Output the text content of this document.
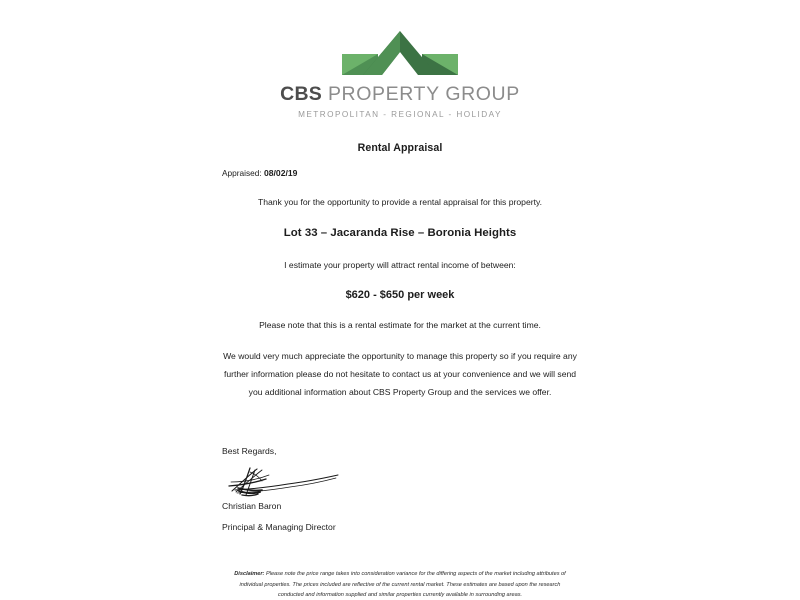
CBS PROPERTY GROUP
METROPOLITAN - REGIONAL - HOLIDAY
Rental Appraisal
Appraised: 08/02/19
Thank you for the opportunity to provide a rental appraisal for this property.
Lot 33 – Jacaranda Rise – Boronia Heights
I estimate your property will attract rental income of between:
$620 - $650 per week
Please note that this is a rental estimate for the market at the current time.
We would very much appreciate the opportunity to manage this property so if you require any further information please do not hesitate to contact us at your convenience and we will send you additional information about CBS Property Group and the services we offer.
Best Regards,
Christian Baron
Principal & Managing Director
Disclaimer: Please note the price range takes into consideration variance for the differing aspects of the market including attributes of individual properties. The prices included are reflective of the current rental market. These estimates are based upon the research conducted and information supplied and similar properties currently available in surrounding areas.
